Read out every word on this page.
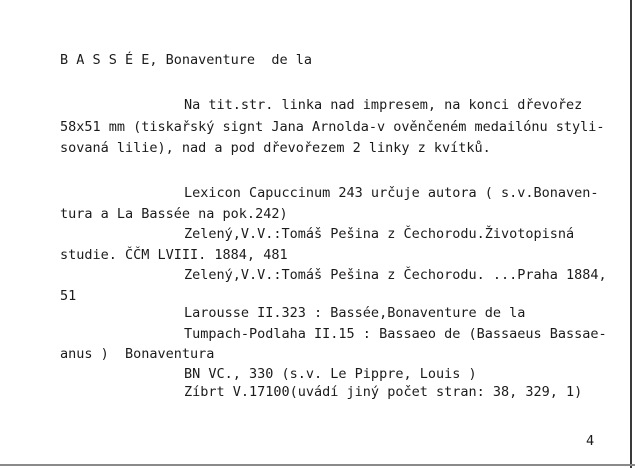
B A S S É E, Bonaventure  de la
Na tit.str. linka nad impresem, na konci dřevořez
58x51 mm (tiskařský signt Jana Arnolda-v ověnčeném medailónu styli-
sovaná lilie), nad a pod dřevořezem 2 linky z kvítků.
Lexicon Capuccinum 243 určuje autora ( s.v.Bonaven-
tura a La Bassée na pok.242)
Zelený,V.V.:Tomáš Pešina z Čechorodu.Životopisná
studie. ČČM LVIII. 1884, 481
Zelený,V.V.:Tomáš Pešina z Čechorodu. ...Praha 1884,
51
Larousse II.323 : Bassée,Bonaventure de la
Tumpach-Podlaha II.15 : Bassaeo de (Bassaeus Bassae-
anus )  Bonaventura
BN VC., 330 (s.v. Le Pippre, Louis )
Zíbrt V.17100(uvádí jiný počet stran: 38, 329, 1)
4
